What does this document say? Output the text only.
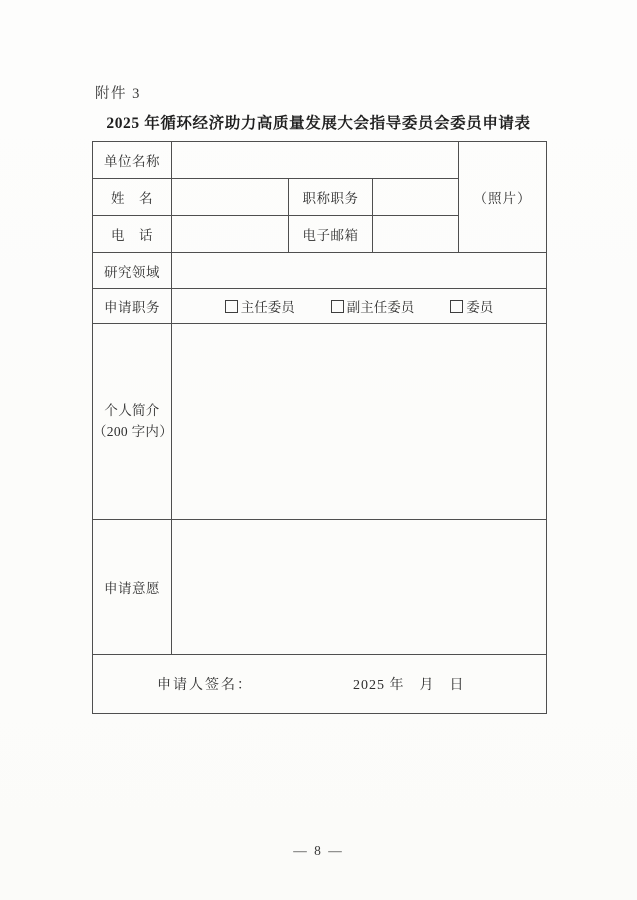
附件 3
2025 年循环经济助力高质量发展大会指导委员会委员申请表
单位名称				（照片）
姓　名		职称职务		
电　话		电子邮箱		
研究领域				
申请职务	主任委员 副主任委员 委员			

个人简介
（200 字内）				

申请意愿				

申请人签名： 2025 年　月　日				
— 8 —
